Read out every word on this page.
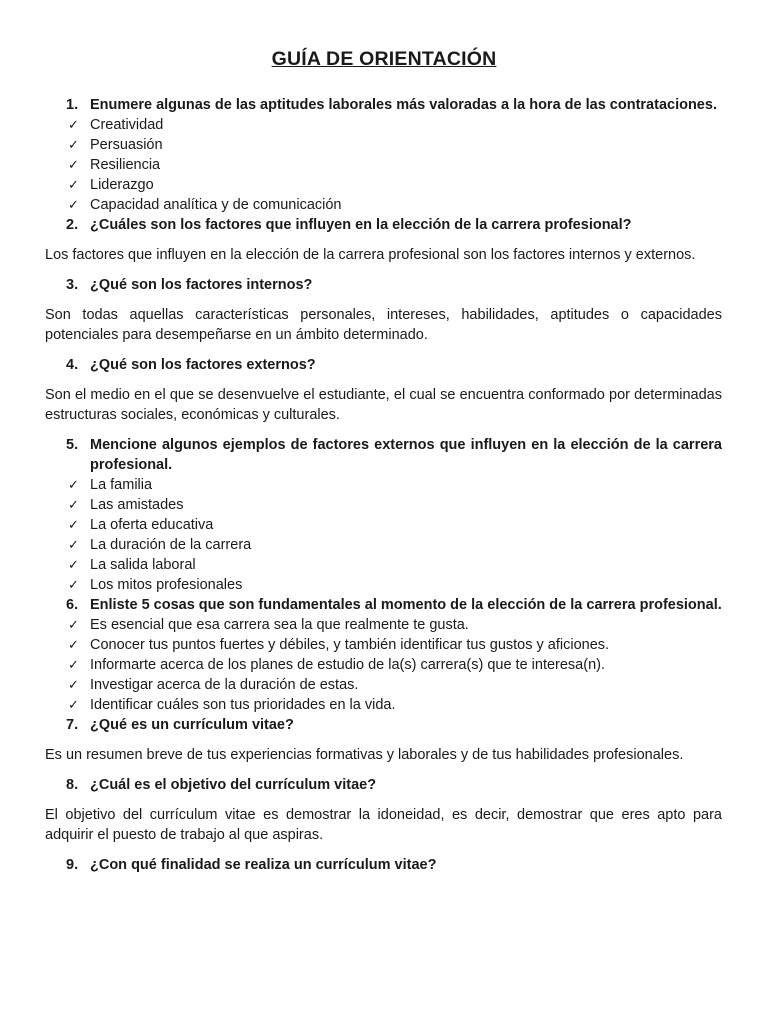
GUÍA DE ORIENTACIÓN
1. Enumere algunas de las aptitudes laborales más valoradas a la hora de las contrataciones.
✓ Creatividad
✓ Persuasión
✓ Resiliencia
✓ Liderazgo
✓ Capacidad analítica y de comunicación
2. ¿Cuáles son los factores que influyen en la elección de la carrera profesional?
Los factores que influyen en la elección de la carrera profesional son los factores internos y externos.
3. ¿Qué son los factores internos?
Son todas aquellas características personales, intereses, habilidades, aptitudes o capacidades potenciales para desempeñarse en un ámbito determinado.
4. ¿Qué son los factores externos?
Son el medio en el que se desenvuelve el estudiante, el cual se encuentra conformado por determinadas estructuras sociales, económicas y culturales.
5. Mencione algunos ejemplos de factores externos que influyen en la elección de la carrera profesional.
✓ La familia
✓ Las amistades
✓ La oferta educativa
✓ La duración de la carrera
✓ La salida laboral
✓ Los mitos profesionales
6. Enliste 5 cosas que son fundamentales al momento de la elección de la carrera profesional.
✓ Es esencial que esa carrera sea la que realmente te gusta.
✓ Conocer tus puntos fuertes y débiles, y también identificar tus gustos y aficiones.
✓ Informarte acerca de los planes de estudio de la(s) carrera(s) que te interesa(n).
✓ Investigar acerca de la duración de estas.
✓ Identificar cuáles son tus prioridades en la vida.
7. ¿Qué es un currículum vitae?
Es un resumen breve de tus experiencias formativas y laborales y de tus habilidades profesionales.
8. ¿Cuál es el objetivo del currículum vitae?
El objetivo del currículum vitae es demostrar la idoneidad, es decir, demostrar que eres apto para adquirir el puesto de trabajo al que aspiras.
9. ¿Con qué finalidad se realiza un currículum vitae?
